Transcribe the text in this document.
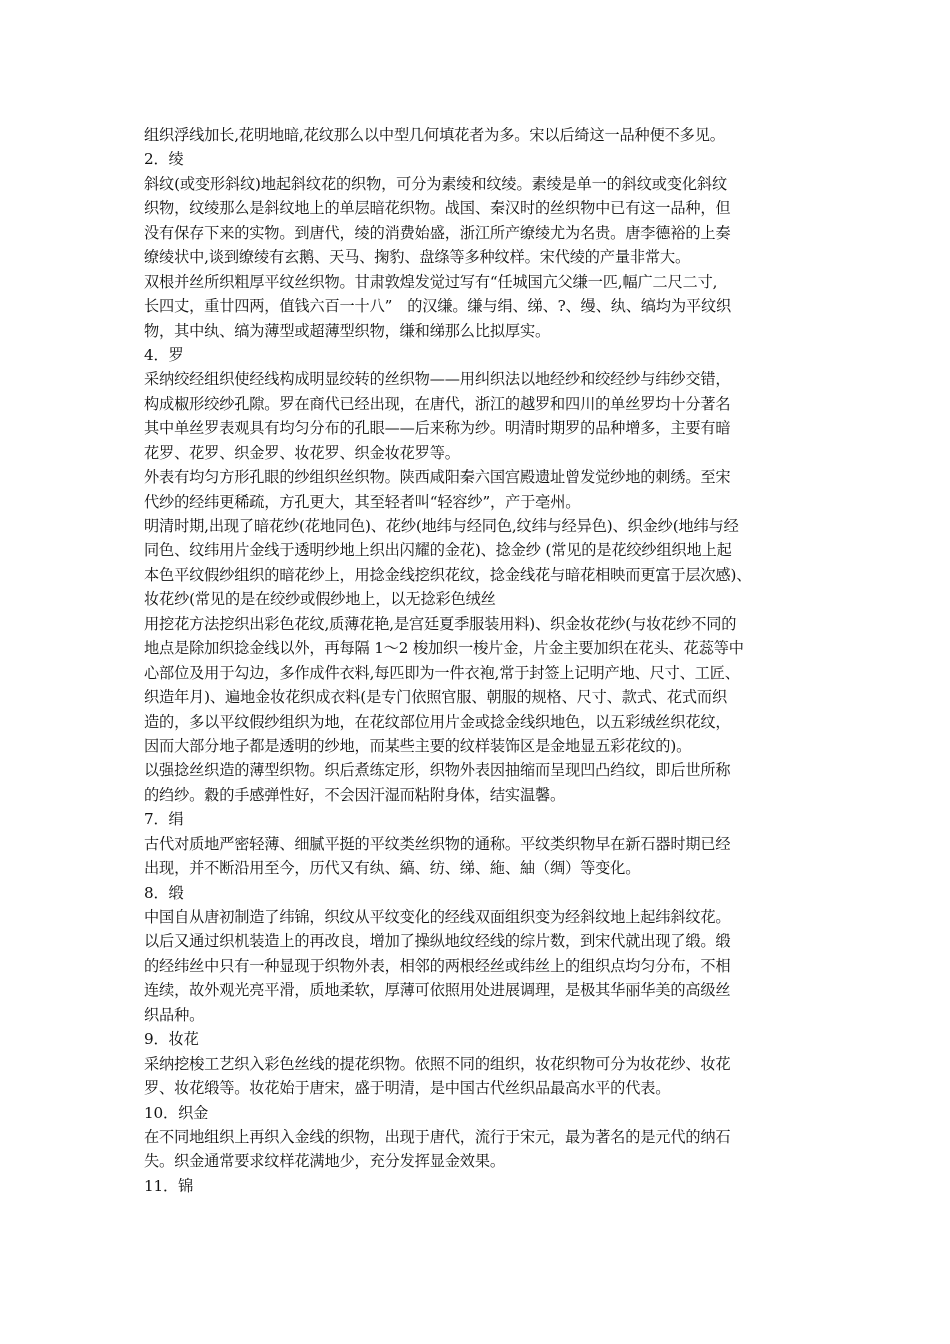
组织浮线加长,花明地暗,花纹那么以中型几何填花者为多。宋以后绮这一品种便不多见。
2．绫
斜纹(或变形斜纹)地起斜纹花的织物，可分为素绫和纹绫。素绫是单一的斜纹或变化斜纹
织物，纹绫那么是斜纹地上的单层暗花织物。战国、秦汉时的丝织物中已有这一品种，但
没有保存下来的实物。到唐代，绫的消费始盛，浙江所产缭绫尤为名贵。唐李德裕的上奏
缭绫状中,谈到缭绫有玄鹅、天马、掬豹、盘绦等多种纹样。宋代绫的产量非常大。
双根并丝所织粗厚平纹丝织物。甘肃敦煌发觉过写有“任城国亢父缣一匹,幅广二尺二寸,
长四丈，重廿四两，值钱六百一十八”　的汉缣。缣与绢、绨、?、缦、纨、缟均为平纹织
物，其中纨、缟为薄型或超薄型织物，缣和绨那么比拟厚实。
4．罗
采纳绞经组织使经线构成明显绞转的丝织物——用纠织法以地经纱和绞经纱与纬纱交错，
构成椒形绞纱孔隙。罗在商代已经出现，在唐代，浙江的越罗和四川的单丝罗均十分著名
其中单丝罗表观具有均匀分布的孔眼——后来称为纱。明清时期罗的品种增多，主要有暗
花罗、花罗、织金罗、妆花罗、织金妆花罗等。
外表有均匀方形孔眼的纱组织丝织物。陕西咸阳秦六国宫殿遗址曾发觉纱地的刺绣。至宋
代纱的经纬更稀疏，方孔更大，其至轻者叫“轻容纱”，产于亳州。
明清时期,出现了暗花纱(花地同色)、花纱(地纬与经同色,纹纬与经异色)、织金纱(地纬与经
同色、纹纬用片金线于透明纱地上织出闪耀的金花)、捻金纱 (常见的是花绞纱组织地上起
本色平纹假纱组织的暗花纱上，用捻金线挖织花纹，捻金线花与暗花相映而更富于层次感)、
妆花纱(常见的是在绞纱或假纱地上，以无捻彩色绒丝
用挖花方法挖织出彩色花纹,质薄花艳,是宫廷夏季服装用料)、织金妆花纱(与妆花纱不同的
地点是除加织捻金线以外，再每隔 1～2 梭加织一梭片金，片金主要加织在花头、花蕊等中
心部位及用于勾边，多作成件衣料,每匹即为一件衣袍,常于封签上记明产地、尺寸、工匠、
织造年月)、遍地金妆花织成衣料(是专门依照官服、朝服的规格、尺寸、款式、花式而织
造的，多以平纹假纱组织为地，在花纹部位用片金或捻金线织地色，以五彩绒丝织花纹，
因而大部分地子都是透明的纱地，而某些主要的纹样装饰区是金地显五彩花纹的)。
以强捻丝织造的薄型织物。织后煮练定形，织物外表因抽缩而呈现凹凸绉纹，即后世所称
的绉纱。縠的手感弹性好，不会因汗湿而粘附身体，结实温馨。
7．绢
古代对质地严密轻薄、细腻平挺的平纹类丝织物的通称。平纹类织物早在新石器时期已经
出现，并不断沿用至今，历代又有纨、縞、纺、绨、絁、紬（绸）等变化。
8．缎
中国自从唐初制造了纬锦，织纹从平纹变化的经线双面组织变为经斜纹地上起纬斜纹花。
以后又通过织机装造上的再改良，增加了操纵地纹经线的综片数，到宋代就出现了缎。缎
的经纬丝中只有一种显现于织物外表，相邻的两根经丝或纬丝上的组织点均匀分布，不相
连续，故外观光亮平滑，质地柔软，厚薄可依照用处进展调理，是极其华丽华美的高级丝
织品种。
9．妆花
采纳挖梭工艺织入彩色丝线的提花织物。依照不同的组织，妆花织物可分为妆花纱、妆花
罗、妆花缎等。妆花始于唐宋，盛于明清，是中国古代丝织品最高水平的代表。
10．织金
在不同地组织上再织入金线的织物，出现于唐代，流行于宋元，最为著名的是元代的纳石
失。织金通常要求纹样花满地少，充分发挥显金效果。
11．锦
